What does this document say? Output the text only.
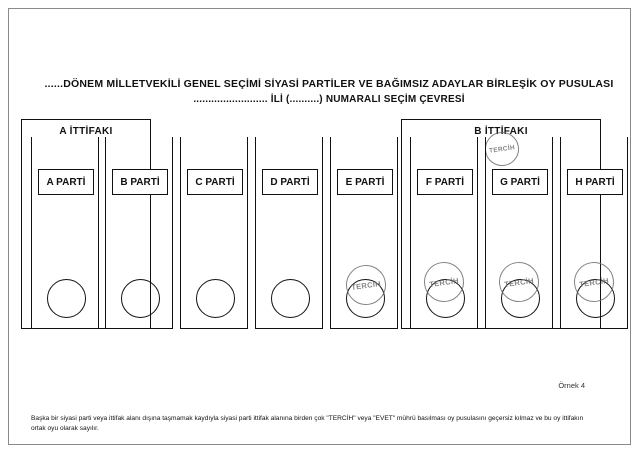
......DÖNEM MİLLETVEKİLİ GENEL SEÇİMİ SİYASİ PARTİLER VE BAĞIMSIZ ADAYLAR BİRLEŞİK OY PUSULASI
......................... İLİ (..........) NUMARALI SEÇİM ÇEVRESİ
A İTTİFAKI	B İTTİFAKI
TERCİH
A PARTİ	B PARTİ	C PARTİ	D PARTİ	E PARTİ
TERCİH
F PARTİ
TERCİH
G PARTİ
TERCİH
H PARTİ
TERCİH
Örnek 4
Başka bir siyasi parti veya ittifak alanı dışına taşmamak kaydıyla siyasi parti ittifak alanına birden çok "TERCİH" veya "EVET" mührü basılması oy pusulasını geçersiz kılmaz ve bu oy ittifakın ortak oyu olarak sayılır.
